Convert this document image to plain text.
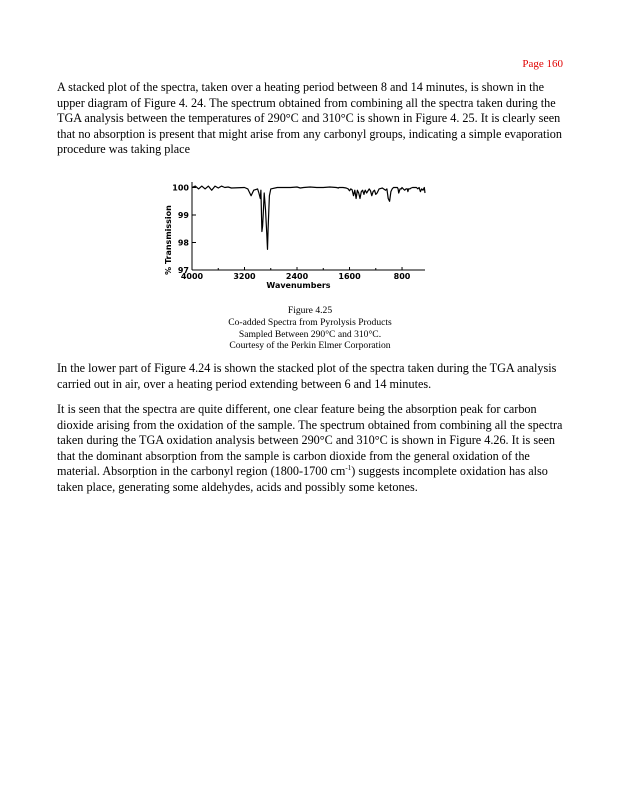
Page 160

A stacked plot of the spectra, taken over a heating period between 8 and 14 minutes, is shown in the upper diagram of Figure 4. 24. The spectrum obtained from combining all the spectra taken during the TGA analysis between the temperatures of 290°C and 310°C is shown in Figure 4. 25. It is clearly seen that no absorption is present that might arise from any carbonyl groups, indicating a simple evaporation procedure was taking place

100
99
98
97
4000	3200	2400	1600	800
Wavenumbers
% Transmission
Figure 4.25
Co-added Spectra from Pyrolysis Products
Sampled Between 290°C and 310°C.
Courtesy of the Perkin Elmer Corporation

In the lower part of Figure 4.24 is shown the stacked plot of the spectra taken during the TGA analysis carried out in air, over a heating period extending between 6 and 14 minutes.

It is seen that the spectra are quite different, one clear feature being the absorption peak for carbon dioxide arising from the oxidation of the sample. The spectrum obtained from combining all the spectra taken during the TGA oxidation analysis between 290°C and 310°C is shown in Figure 4.26. It is seen that the dominant absorption from the sample is carbon dioxide from the general oxidation of the material. Absorption in the carbonyl region (1800-1700 $cm^{-1}$) suggests incomplete oxidation has also taken place, generating some aldehydes, acids and possibly some ketones.
